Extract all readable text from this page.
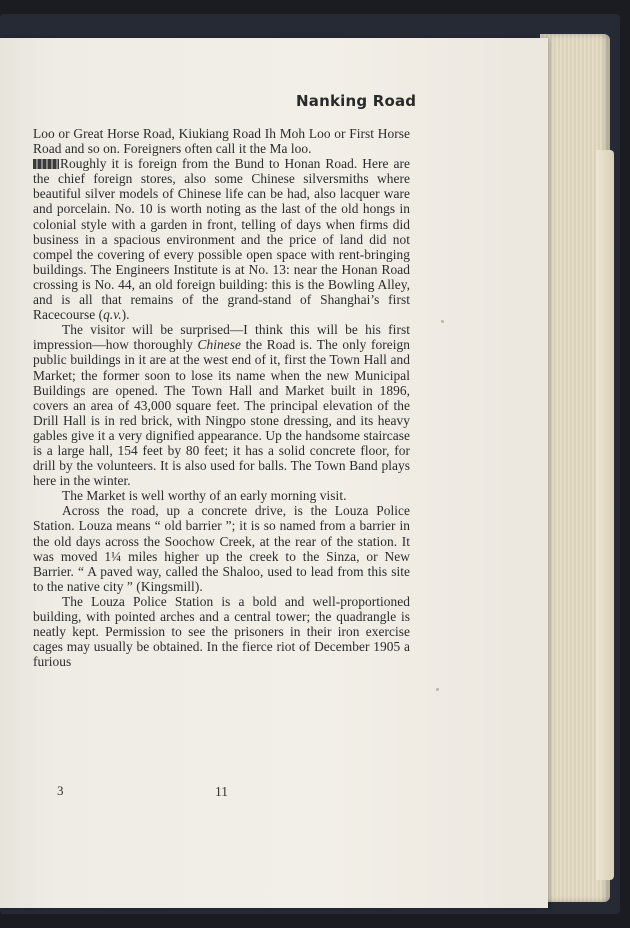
Nanking Road

Loo or Great Horse Road, Kiukiang Road Ih Moh Loo or First Horse Road and so on. Foreigners often call it the Ma loo.

Roughly it is foreign from the Bund to Honan Road. Here are the chief foreign stores, also some Chinese silversmiths where beautiful silver models of Chinese life can be had, also lacquer ware and porcelain. No. 10 is worth noting as the last of the old hongs in colonial style with a garden in front, telling of days when firms did business in a spacious environment and the price of land did not compel the covering of every possible open space with rent-bringing buildings. The Engineers Institute is at No. 13: near the Honan Road crossing is No. 44, an old foreign building: this is the Bowling Alley, and is all that remains of the grand-stand of Shanghai’s first Racecourse (q.v.).

The visitor will be surprised—I think this will be his first impression—how thoroughly Chinese the Road is. The only foreign public buildings in it are at the west end of it, first the Town Hall and Market; the former soon to lose its name when the new Municipal Buildings are opened. The Town Hall and Market built in 1896, covers an area of 43,000 square feet. The principal elevation of the Drill Hall is in red brick, with Ningpo stone dressing, and its heavy gables give it a very dignified appearance. Up the handsome staircase is a large hall, 154 feet by 80 feet; it has a solid concrete floor, for drill by the volunteers. It is also used for balls. The Town Band plays here in the winter.

The Market is well worthy of an early morning visit.

Across the road, up a concrete drive, is the Louza Police Station. Louza means “ old barrier ”; it is so named from a barrier in the old days across the Soochow Creek, at the rear of the station. It was moved 1¼ miles higher up the creek to the Sinza, or New Barrier. “ A paved way, called the Shaloo, used to lead from this site to the native city ” (Kingsmill).

The Louza Police Station is a bold and well-proportioned building, with pointed arches and a central tower; the quadrangle is neatly kept. Permission to see the prisoners in their iron exercise cages may usually be obtained. In the fierce riot of December 1905 a furious

3	11
